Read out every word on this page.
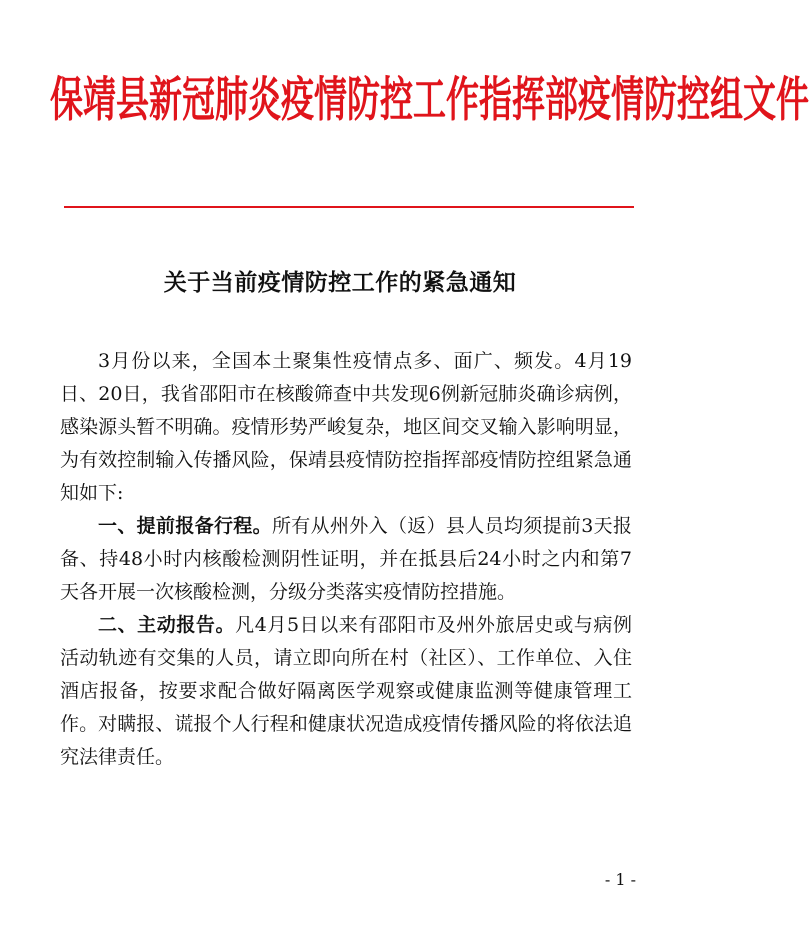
保靖县新冠肺炎疫情防控工作指挥部疫情防控组文件
关于当前疫情防控工作的紧急通知

3月份以来，全国本土聚集性疫情点多、面广、频发。4月19日、20日，我省邵阳市在核酸筛查中共发现6例新冠肺炎确诊病例，感染源头暂不明确。疫情形势严峻复杂，地区间交叉输入影响明显，为有效控制输入传播风险，保靖县疫情防控指挥部疫情防控组紧急通知如下:

一、提前报备行程。所有从州外入（返）县人员均须提前3天报备、持48小时内核酸检测阴性证明，并在抵县后24小时之内和第7天各开展一次核酸检测，分级分类落实疫情防控措施。

二、主动报告。凡4月5日以来有邵阳市及州外旅居史或与病例活动轨迹有交集的人员，请立即向所在村（社区）、工作单位、入住酒店报备，按要求配合做好隔离医学观察或健康监测等健康管理工作。对瞒报、谎报个人行程和健康状况造成疫情传播风险的将依法追究法律责任。

- 1 -
